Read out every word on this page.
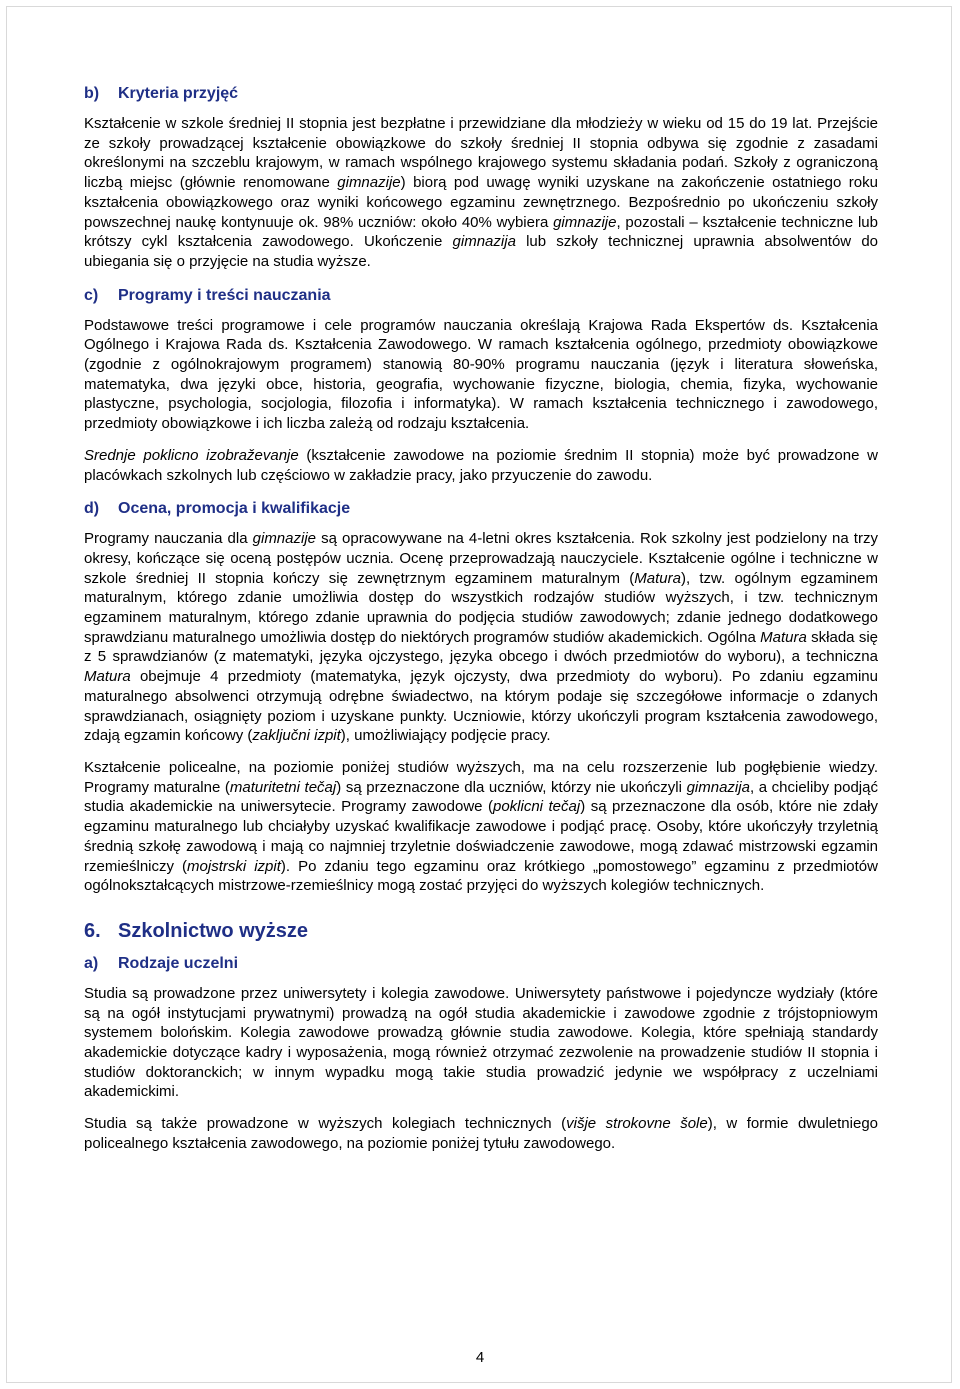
b) Kryteria przyjęć

Kształcenie w szkole średniej II stopnia jest bezpłatne i przewidziane dla młodzieży w wieku od 15 do 19 lat. Przejście ze szkoły prowadzącej kształcenie obowiązkowe do szkoły średniej II stopnia odbywa się zgodnie z zasadami określonymi na szczeblu krajowym, w ramach wspólnego krajowego systemu składania podań. Szkoły z ograniczoną liczbą miejsc (głównie renomowane gimnazije) biorą pod uwagę wyniki uzyskane na zakończenie ostatniego roku kształcenia obowiązkowego oraz wyniki końcowego egzaminu zewnętrznego. Bezpośrednio po ukończeniu szkoły powszechnej naukę kontynuuje ok. 98% uczniów: około 40% wybiera gimnazije, pozostali – kształcenie techniczne lub krótszy cykl kształcenia zawodowego. Ukończenie gimnazija lub szkoły technicznej uprawnia absolwentów do ubiegania się o przyjęcie na studia wyższe.

c) Programy i treści nauczania

Podstawowe treści programowe i cele programów nauczania określają Krajowa Rada Ekspertów ds. Kształcenia Ogólnego i Krajowa Rada ds. Kształcenia Zawodowego. W ramach kształcenia ogólnego, przedmioty obowiązkowe (zgodnie z ogólnokrajowym programem) stanowią 80-90% programu nauczania (język i literatura słoweńska, matematyka, dwa języki obce, historia, geografia, wychowanie fizyczne, biologia, chemia, fizyka, wychowanie plastyczne, psychologia, socjologia, filozofia i informatyka). W ramach kształcenia technicznego i zawodowego, przedmioty obowiązkowe i ich liczba zależą od rodzaju kształcenia.

Srednje poklicno izobraževanje (kształcenie zawodowe na poziomie średnim II stopnia) może być prowadzone w placówkach szkolnych lub częściowo w zakładzie pracy, jako przyuczenie do zawodu.

d) Ocena, promocja i kwalifikacje

Programy nauczania dla gimnazije są opracowywane na 4-letni okres kształcenia. Rok szkolny jest podzielony na trzy okresy, kończące się oceną postępów ucznia. Ocenę przeprowadzają nauczyciele. Kształcenie ogólne i techniczne w szkole średniej II stopnia kończy się zewnętrznym egzaminem maturalnym (Matura), tzw. ogólnym egzaminem maturalnym, którego zdanie umożliwia dostęp do wszystkich rodzajów studiów wyższych, i tzw. technicznym egzaminem maturalnym, którego zdanie uprawnia do podjęcia studiów zawodowych; zdanie jednego dodatkowego sprawdzianu maturalnego umożliwia dostęp do niektórych programów studiów akademickich. Ogólna Matura składa się z 5 sprawdzianów (z matematyki, języka ojczystego, języka obcego i dwóch przedmiotów do wyboru), a techniczna Matura obejmuje 4 przedmioty (matematyka, język ojczysty, dwa przedmioty do wyboru). Po zdaniu egzaminu maturalnego absolwenci otrzymują odrębne świadectwo, na którym podaje się szczegółowe informacje o zdanych sprawdzianach, osiągnięty poziom i uzyskane punkty. Uczniowie, którzy ukończyli program kształcenia zawodowego, zdają egzamin końcowy (zaključni izpit), umożliwiający podjęcie pracy.

Kształcenie policealne, na poziomie poniżej studiów wyższych, ma na celu rozszerzenie lub pogłębienie wiedzy. Programy maturalne (maturitetni tečaj) są przeznaczone dla uczniów, którzy nie ukończyli gimnazija, a chcieliby podjąć studia akademickie na uniwersytecie. Programy zawodowe (poklicni tečaj) są przeznaczone dla osób, które nie zdały egzaminu maturalnego lub chciałyby uzyskać kwalifikacje zawodowe i podjąć pracę. Osoby, które ukończyły trzyletnią średnią szkołę zawodową i mają co najmniej trzyletnie doświadczenie zawodowe, mogą zdawać mistrzowski egzamin rzemieślniczy (mojstrski izpit). Po zdaniu tego egzaminu oraz krótkiego „pomostowego” egzaminu z przedmiotów ogólnokształcących mistrzowe-rzemieślnicy mogą zostać przyjęci do wyższych kolegiów technicznych.

6. Szkolnictwo wyższe
a) Rodzaje uczelni

Studia są prowadzone przez uniwersytety i kolegia zawodowe. Uniwersytety państwowe i pojedyncze wydziały (które są na ogół instytucjami prywatnymi) prowadzą na ogół studia akademickie i zawodowe zgodnie z trójstopniowym systemem bolońskim. Kolegia zawodowe prowadzą głównie studia zawodowe. Kolegia, które spełniają standardy akademickie dotyczące kadry i wyposażenia, mogą również otrzymać zezwolenie na prowadzenie studiów II stopnia i studiów doktoranckich; w innym wypadku mogą takie studia prowadzić jedynie we współpracy z uczelniami akademickimi.

Studia są także prowadzone w wyższych kolegiach technicznych (višje strokovne šole), w formie dwuletniego policealnego kształcenia zawodowego, na poziomie poniżej tytułu zawodowego.

4
